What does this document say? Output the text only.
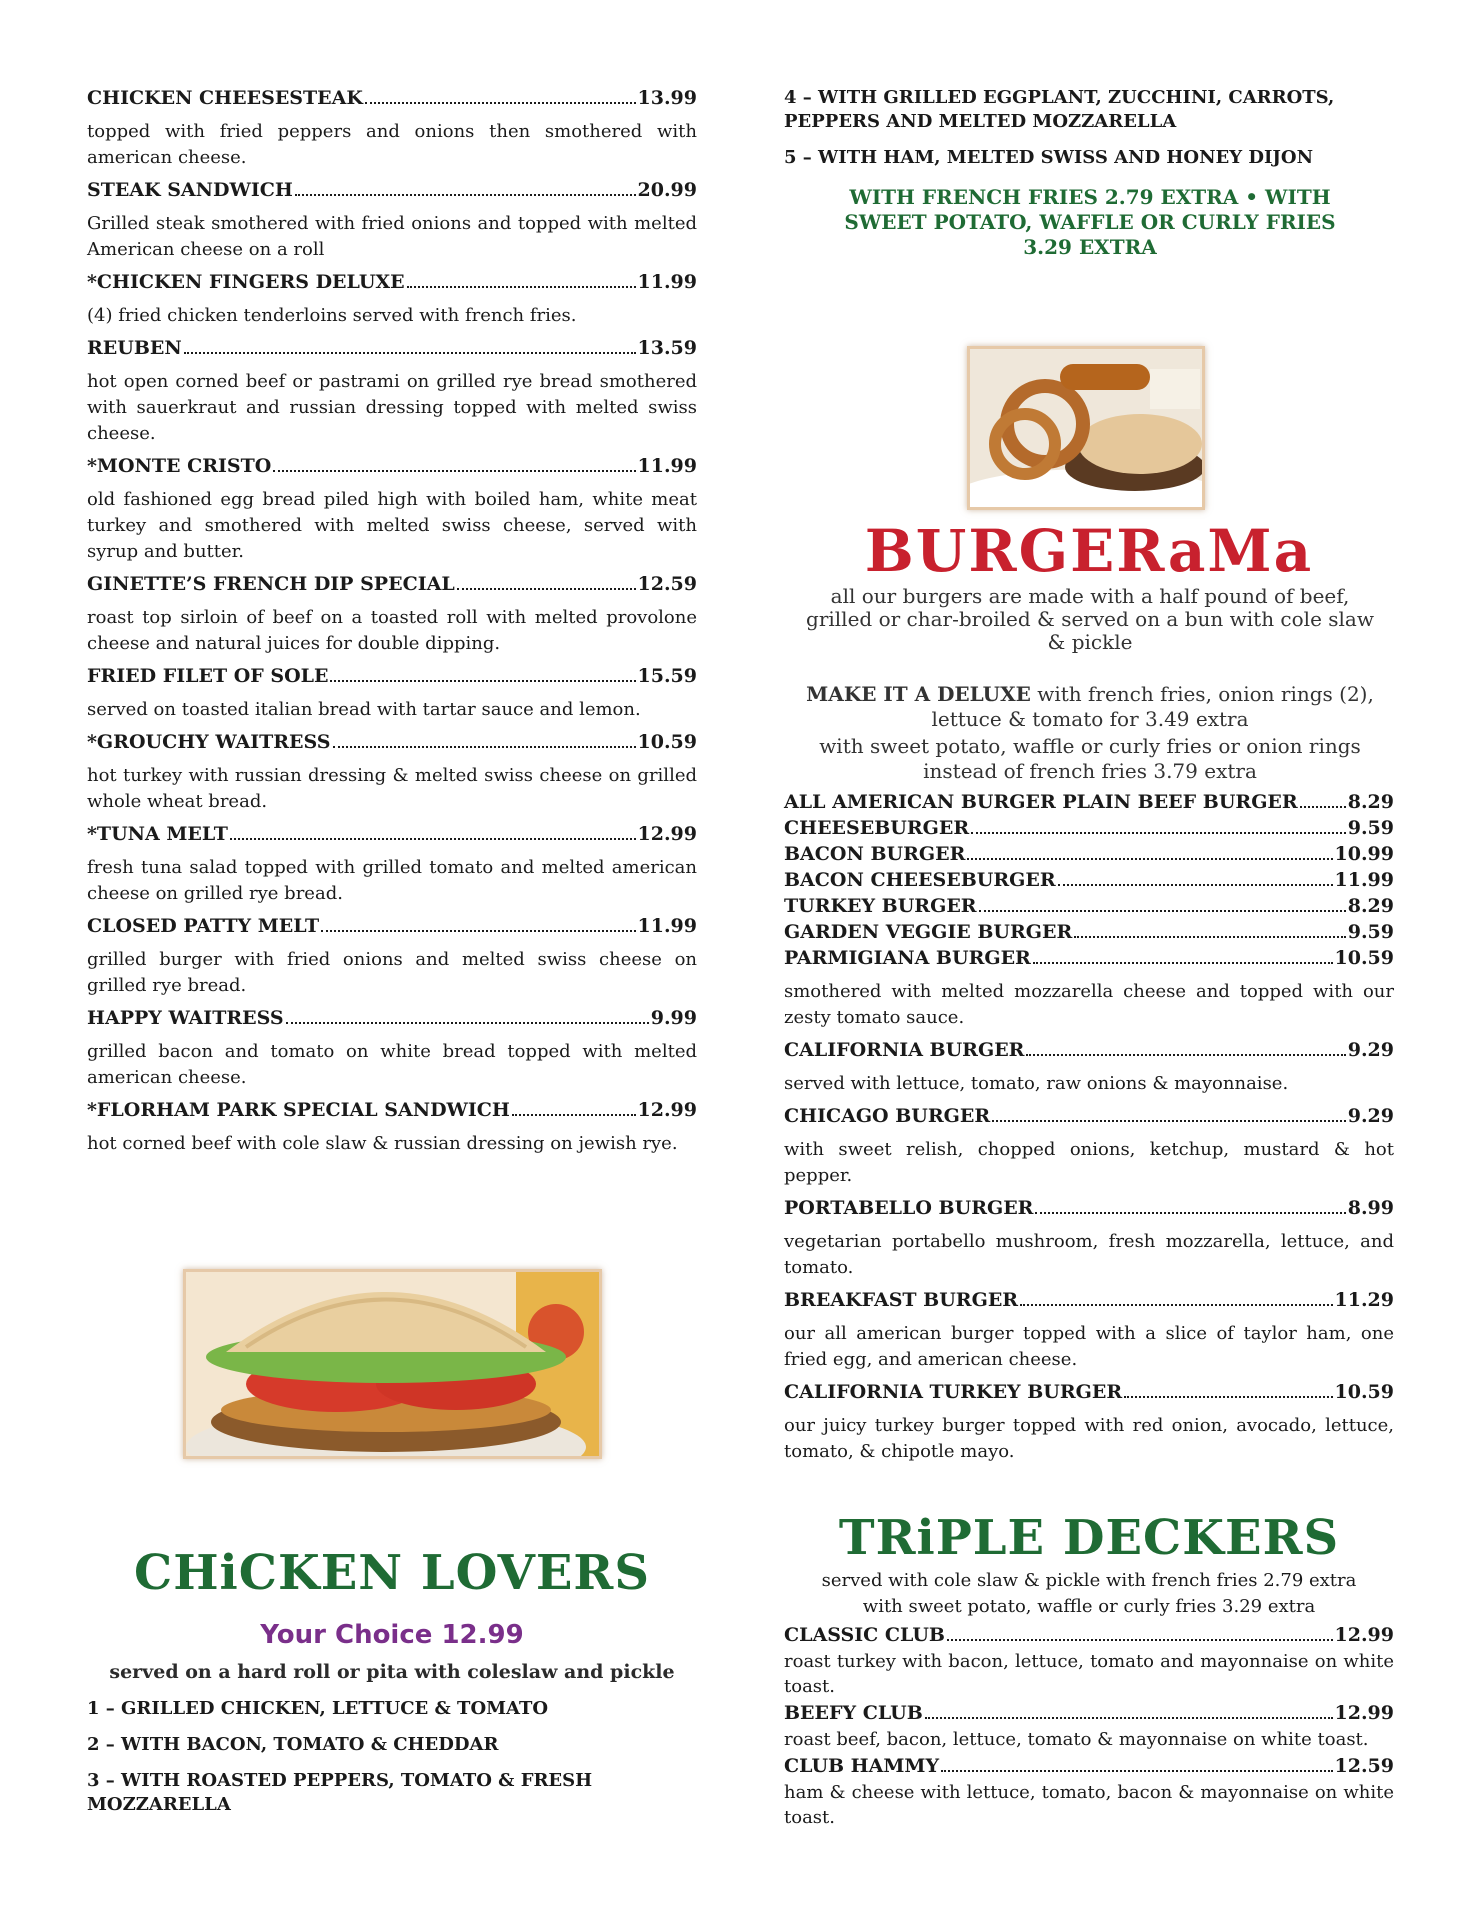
CHICKEN CHEESESTEAK	13.99

topped with fried peppers and onions then smothered with american cheese.

STEAK SANDWICH	20.99

Grilled steak smothered with fried onions and topped with melted American cheese on a roll

*CHICKEN FINGERS DELUXE	11.99

(4) fried chicken tenderloins served with french fries.

REUBEN	13.59

hot open corned beef or pastrami on grilled rye bread smothered with sauerkraut and russian dressing topped with melted swiss cheese.

*MONTE CRISTO	11.99

old fashioned egg bread piled high with boiled ham, white meat turkey and smothered with melted swiss cheese, served with syrup and butter.

GINETTE’S FRENCH DIP SPECIAL	12.59

roast top sirloin of beef on a toasted roll with melted provolone cheese and natural juices for double dipping.

FRIED FILET OF SOLE	15.59

served on toasted italian bread with tartar sauce and lemon.

*GROUCHY WAITRESS	10.59

hot turkey with russian dressing & melted swiss cheese on grilled whole wheat bread.

*TUNA MELT	12.99

fresh tuna salad topped with grilled tomato and melted american cheese on grilled rye bread.

CLOSED PATTY MELT	11.99

grilled burger with fried onions and melted swiss cheese on grilled rye bread.

HAPPY WAITRESS	9.99

grilled bacon and tomato on white bread topped with melted american cheese.

*FLORHAM PARK SPECIAL SANDWICH	12.99

hot corned beef with cole slaw & russian dressing on jewish rye.

CHiCKEN LOVERS
Your Choice 12.99
served on a hard roll or pita with coleslaw and pickle

1 – GRILLED CHICKEN, LETTUCE & TOMATO

2 – WITH BACON, TOMATO & CHEDDAR

3 – WITH ROASTED PEPPERS, TOMATO & FRESH MOZZARELLA

4 – WITH GRILLED EGGPLANT, ZUCCHINI, CARROTS, PEPPERS AND MELTED MOZZARELLA

5 – WITH HAM, MELTED SWISS AND HONEY DIJON

WITH FRENCH FRIES 2.79 EXTRA • WITH SWEET POTATO, WAFFLE OR CURLY FRIES 3.29 EXTRA
BURGERaMa
all our burgers are made with a half pound of beef, grilled or char-broiled & served on a bun with cole slaw & pickle
MAKE IT A DELUXE with french fries, onion rings (2), lettuce & tomato for 3.49 extra
with sweet potato, waffle or curly fries or onion rings instead of french fries 3.79 extra
ALL AMERICAN BURGER PLAIN BEEF BURGER	8.29
CHEESEBURGER	9.59
BACON BURGER	10.99
BACON CHEESEBURGER	11.99
TURKEY BURGER	8.29
GARDEN VEGGIE BURGER	9.59
PARMIGIANA BURGER	10.59

smothered with melted mozzarella cheese and topped with our zesty tomato sauce.

CALIFORNIA BURGER	9.29

served with lettuce, tomato, raw onions & mayonnaise.

CHICAGO BURGER	9.29

with sweet relish, chopped onions, ketchup, mustard & hot pepper.

PORTABELLO BURGER	8.99

vegetarian portabello mushroom, fresh mozzarella, lettuce, and tomato.

BREAKFAST BURGER	11.29

our all american burger topped with a slice of taylor ham, one fried egg, and american cheese.

CALIFORNIA TURKEY BURGER	10.59

our juicy turkey burger topped with red onion, avocado, lettuce, tomato, & chipotle mayo.

TRiPLE DECKERS
served with cole slaw & pickle with french fries 2.79 extra
with sweet potato, waffle or curly fries 3.29 extra
CLASSIC CLUB	12.99

roast turkey with bacon, lettuce, tomato and mayonnaise on white toast.

BEEFY CLUB	12.99

roast beef, bacon, lettuce, tomato & mayonnaise on white toast.

CLUB HAMMY	12.59

ham & cheese with lettuce, tomato, bacon & mayonnaise on white toast.
